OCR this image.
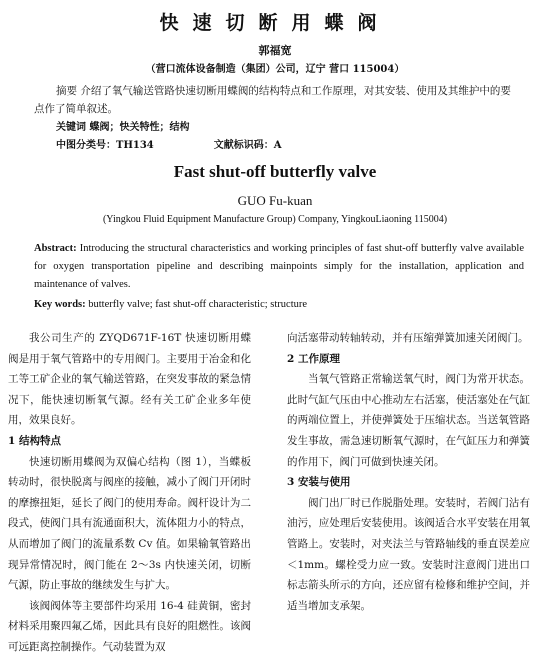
快速切断用蝶阀
郭福宽
（营口流体设备制造（集团）公司，辽宁 营口 115004）
摘要 介绍了氧气输送管路快速切断用蝶阀的结构特点和工作原理，对其安装、使用及其维护中的要点作了简单叙述。
关键词 蝶阀；快关特性；结构
中图分类号：TH134	文献标识码：A
Fast shut-off butterfly valve
GUO Fu-kuan
(Yingkou Fluid Equipment Manufacture Group) Company, YingkouLiaoning 115004)
Abstract: Introducing the structural characteristics and working principles of fast shut-off butterfly valve available for oxygen transportation pipeline and describing mainpoints simply for the installation, application and maintenance of valves.
Key words: butterfly valve; fast shut-off characteristic; structure

我公司生产的 ZYQD671F-16T 快速切断用蝶阀是用于氧气管路中的专用阀门。主要用于冶金和化工等工矿企业的氧气输送管路，在突发事故的紧急情况下，能快速切断氧气源。经有关工矿企业多年使用，效果良好。

1 结构特点

快速切断用蝶阀为双偏心结构（图 1），当蝶板转动时，很快脱离与阀座的接触，减小了阀门开闭时的摩擦扭矩，延长了阀门的使用寿命。阀杆设计为二段式，使阀门具有流通面积大，流体阻力小的特点，从而增加了阀门的流量系数 Cv 值。如果输氧管路出现异常情况时，阀门能在 2～3s 内快速关闭，切断气源，防止事故的继续发生与扩大。

该阀阀体等主要部件均采用 16-4 硅黄铜，密封材料采用聚四氟乙烯，因此具有良好的阻燃性。该阀可远距离控制操作。气动装置为双

向活塞带动转轴转动，并有压缩弹簧加速关闭阀门。

2 工作原理

当氧气管路正常输送氧气时，阀门为常开状态。此时气缸气压由中心推动左右活塞，使活塞处在气缸的两端位置上，并使弹簧处于压缩状态。当送氧管路发生事故，需急速切断氧气源时，在气缸压力和弹簧的作用下，阀门可做到快速关闭。

3 安装与使用

阀门出厂时已作脱脂处理。安装时，若阀门沾有油污，应处理后安装使用。该阀适合水平安装在用氧管路上。安装时，对夹法兰与管路轴线的垂直误差应＜1mm。螺栓受力应一致。安装时注意阀门进出口标志箭头所示的方向，还应留有检修和维护空间，并适当增加支承架。
